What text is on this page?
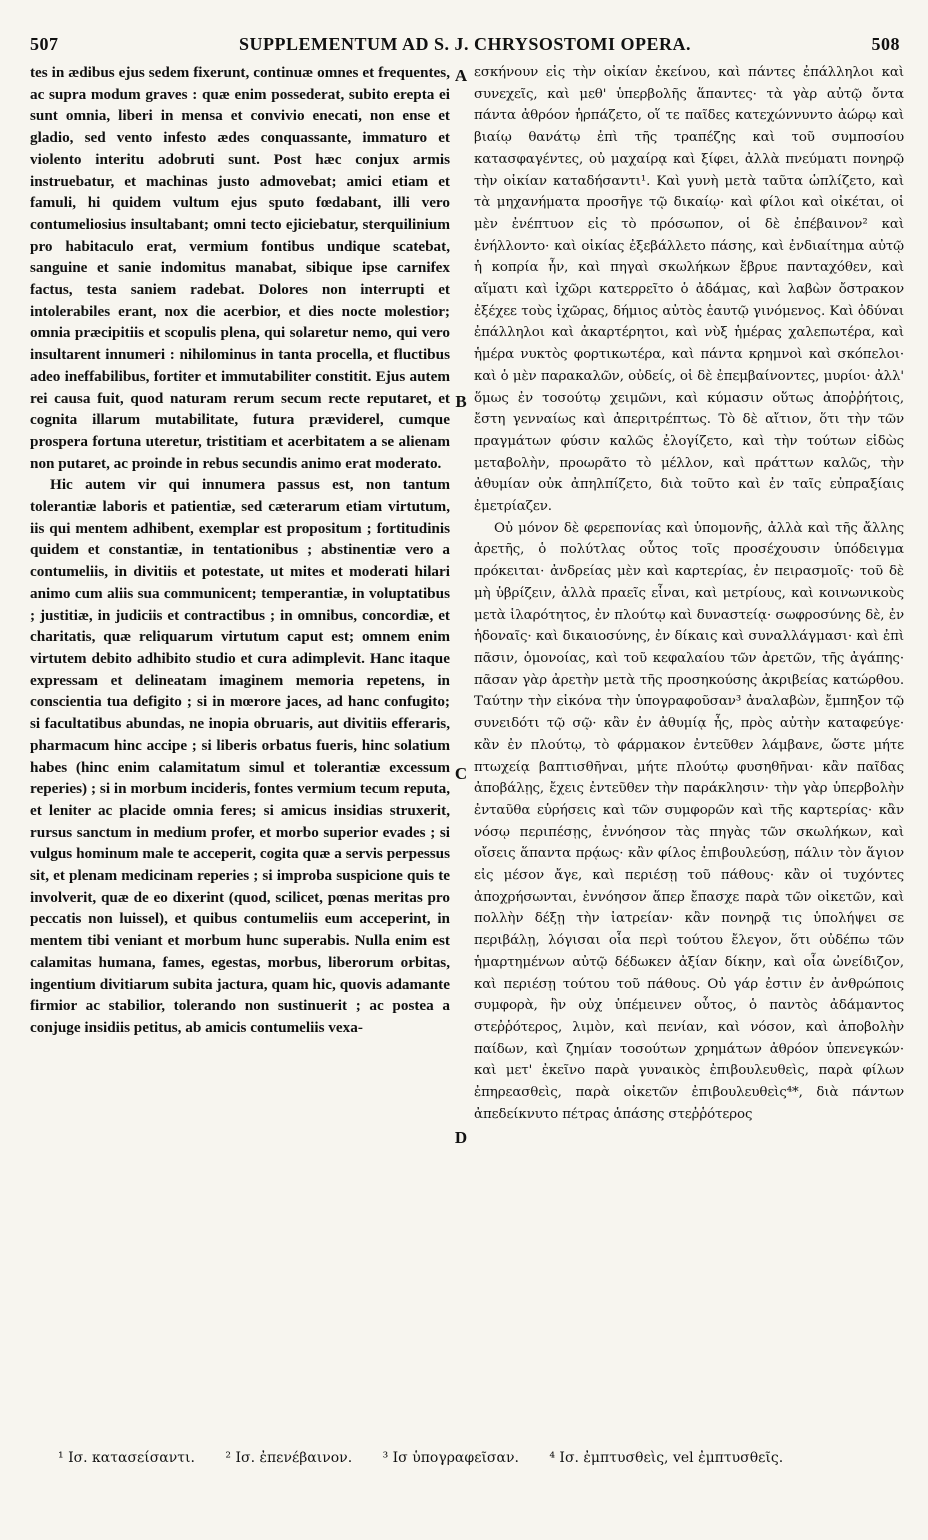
507	SUPPLEMENTUM AD S. J. CHRYSOSTOMI OPERA.	508

tes in ædibus ejus sedem fixerunt, continuæ omnes et frequentes, ac supra modum graves : quæ enim possederat, subito erepta ei sunt omnia, liberi in mensa et convivio enecati, non ense et gladio, sed vento infesto ædes conquassante, immaturo et violento interitu adobruti sunt. Post hæc conjux armis instruebatur, et machinas justo admovebat; amici etiam et famuli, hi quidem vultum ejus sputo fœdabant, illi vero contumeliosius insultabant; omni tecto ejiciebatur, sterquilinium pro habitaculo erat, vermium fontibus undique scatebat, sanguine et sanie indomitus manabat, sibique ipse carnifex factus, testa saniem radebat. Dolores non interrupti et intolerabiles erant, nox die acerbior, et dies nocte molestior; omnia præcipitiis et scopulis plena, qui solaretur nemo, qui vero insultarent innumeri : nihilominus in tanta procella, et fluctibus adeo ineffabilibus, fortiter et immutabiliter constitit. Ejus autem rei causa fuit, quod naturam rerum secum recte reputaret, et cognita illarum mutabilitate, futura præviderel, cumque prospera fortuna uteretur, tristitiam et acerbitatem a se alienam non putaret, ac proinde in rebus secundis animo erat moderato.

Hic autem vir qui innumera passus est, non tantum tolerantiæ laboris et patientiæ, sed cæterarum etiam virtutum, iis qui mentem adhibent, exemplar est propositum ; fortitudinis quidem et constantiæ, in tentationibus ; abstinentiæ vero a contumeliis, in divitiis et potestate, ut mites et moderati hilari animo cum aliis sua communicent; temperantiæ, in voluptatibus ; justitiæ, in judiciis et contractibus ; in omnibus, concordiæ, et charitatis, quæ reliquarum virtutum caput est; omnem enim virtutem debito adhibito studio et cura adimplevit. Hanc itaque expressam et delineatam imaginem memoria repetens, in conscientia tua defigito ; si in mœrore jaces, ad hanc confugito; si facultatibus abundas, ne inopia obruaris, aut divitiis efferaris, pharmacum hinc accipe ; si liberis orbatus fueris, hinc solatium habes (hinc enim calamitatum simul et tolerantiæ excessum reperies) ; si in morbum incideris, fontes vermium tecum reputa, et leniter ac placide omnia feres; si amicus insidias struxerit, rursus sanctum in medium profer, et morbo superior evades ; si vulgus hominum male te acceperit, cogita quæ a servis perpessus sit, et plenam medicinam reperies ; si improba suspicione quis te involverit, quæ de eo dixerint (quod, scilicet, pœnas meritas pro peccatis non luissel), et quibus contumeliis eum acceperint, in mentem tibi veniant et morbum hunc superabis. Nulla enim est calamitas humana, fames, egestas, morbus, liberorum orbitas, ingentium divitiarum subita jactura, quam hic, quovis adamante firmior ac stabilior, tolerando non sustinuerit ; ac postea a conjuge insidiis petitus, ab amicis contumeliis vexa-

A
B
C
D

εσκήνουν εἰς τὴν οἰκίαν ἐκείνου, καὶ πάντες ἐπάλληλοι καὶ συνεχεῖς, καὶ μεθ' ὑπερβολῆς ἅπαντες· τὰ γὰρ αὐτῷ ὄντα πάντα ἀθρόον ἡρπάζετο, οἵ τε παῖδες κατεχώννυντο ἀώρῳ καὶ βιαίῳ θανάτῳ ἐπὶ τῆς τραπέζης καὶ τοῦ συμποσίου κατασφαγέντες, οὐ μαχαίρᾳ καὶ ξίφει, ἀλλὰ πνεύματι πονηρῷ τὴν οἰκίαν καταδήσαντι¹. Καὶ γυνὴ μετὰ ταῦτα ὡπλίζετο, καὶ τὰ μηχανήματα προσῆγε τῷ δικαίῳ· καὶ φίλοι καὶ οἰκέται, οἱ μὲν ἐνέπτυον εἰς τὸ πρόσωπον, οἱ δὲ ἐπέβαινον² καὶ ἐνήλλοντο· καὶ οἰκίας ἐξεβάλλετο πάσης, καὶ ἐνδιαίτημα αὐτῷ ἡ κοπρία ἦν, καὶ πηγαὶ σκωλήκων ἔβρυε πανταχόθεν, καὶ αἵματι καὶ ἰχῶρι κατερρεῖτο ὁ ἀδάμας, καὶ λαβὼν ὄστρακον ἐξέχεε τοὺς ἰχῶρας, δήμιος αὐτὸς ἑαυτῷ γινόμενος. Καὶ ὀδύναι ἐπάλληλοι καὶ ἀκαρτέρητοι, καὶ νὺξ ἡμέρας χαλεπωτέρα, καὶ ἡμέρα νυκτὸς φορτικωτέρα, καὶ πάντα κρημνοὶ καὶ σκόπελοι· καὶ ὁ μὲν παρακαλῶν, οὐδείς, οἱ δὲ ἐπεμβαίνοντες, μυρίοι· ἀλλ' ὅμως ἐν τοσούτῳ χειμῶνι, καὶ κύμασιν οὕτως ἀποῤῥήτοις, ἔστη γενναίως καὶ ἀπεριτρέπτως. Τὸ δὲ αἴτιον, ὅτι τὴν τῶν πραγμάτων φύσιν καλῶς ἐλογίζετο, καὶ τὴν τούτων εἰδὼς μεταβολὴν, προωρᾶτο τὸ μέλλον, καὶ πράττων καλῶς, τὴν ἀθυμίαν οὐκ ἀπηλπίζετο, διὰ τοῦτο καὶ ἐν ταῖς εὐπραξίαις ἐμετρίαζεν.

Οὐ μόνον δὲ φερεπονίας καὶ ὑπομονῆς, ἀλλὰ καὶ τῆς ἄλλης ἀρετῆς, ὁ πολύτλας οὗτος τοῖς προσέχουσιν ὑπόδειγμα πρόκειται· ἀνδρείας μὲν καὶ καρτερίας, ἐν πειρασμοῖς· τοῦ δὲ μὴ ὑβρίζειν, ἀλλὰ πραεῖς εἶναι, καὶ μετρίους, καὶ κοινωνικοὺς μετὰ ἱλαρότητος, ἐν πλούτῳ καὶ δυναστείᾳ· σωφροσύνης δὲ, ἐν ἡδοναῖς· καὶ δικαιοσύνης, ἐν δίκαις καὶ συναλλάγμασι· καὶ ἐπὶ πᾶσιν, ὁμονοίας, καὶ τοῦ κεφαλαίου τῶν ἀρετῶν, τῆς ἀγάπης· πᾶσαν γὰρ ἀρετὴν μετὰ τῆς προσηκούσης ἀκριβείας κατώρθου. Ταύτην τὴν εἰκόνα τὴν ὑπογραφοῦσαν³ ἀναλαβὼν, ἔμπηξον τῷ συνειδότι τῷ σῷ· κἂν ἐν ἀθυμίᾳ ἦς, πρὸς αὐτὴν καταφεύγε· κἂν ἐν πλούτῳ, τὸ φάρμακον ἐντεῦθεν λάμβανε, ὥστε μήτε πτωχείᾳ βαπτισθῆναι, μήτε πλούτῳ φυσηθῆναι· κἂν παῖδας ἀποβάλῃς, ἔχεις ἐντεῦθεν τὴν παράκλησιν· τὴν γὰρ ὑπερβολὴν ἐνταῦθα εὑρήσεις καὶ τῶν συμφορῶν καὶ τῆς καρτερίας· κἂν νόσῳ περιπέσῃς, ἐννόησον τὰς πηγὰς τῶν σκωλήκων, καὶ οἴσεις ἅπαντα πρᾴως· κἂν φίλος ἐπιβουλεύσῃ, πάλιν τὸν ἅγιον εἰς μέσον ἄγε, καὶ περιέσῃ τοῦ πάθους· κἂν οἱ τυχόντες ἀποχρήσωνται, ἐννόησον ἅπερ ἔπασχε παρὰ τῶν οἰκετῶν, καὶ πολλὴν δέξῃ τὴν ἰατρείαν· κἂν πονηρᾷ τις ὑπολήψει σε περιβάλῃ, λόγισαι οἷα περὶ τούτου ἔλεγον, ὅτι οὐδέπω τῶν ἡμαρτημένων αὐτῷ δέδωκεν ἀξίαν δίκην, καὶ οἷα ὠνείδιζον, καὶ περιέσῃ τούτου τοῦ πάθους. Οὐ γάρ ἐστιν ἐν ἀνθρώποις συμφορὰ, ἣν οὐχ ὑπέμεινεν οὗτος, ὁ παντὸς ἀδάμαντος στεῤῥότερος, λιμὸν, καὶ πενίαν, καὶ νόσον, καὶ ἀποβολὴν παίδων, καὶ ζημίαν τοσούτων χρημάτων ἀθρόον ὑπενεγκών· καὶ μετ' ἐκεῖνο παρὰ γυναικὸς ἐπιβουλευθεὶς, παρὰ φίλων ἐπηρεασθεὶς, παρὰ οἰκετῶν ἐπιβουλευθεὶς⁴*, διὰ πάντων ἀπεδείκνυτο πέτρας ἁπάσης στεῤῥότερος

¹ Ισ. κατασείσαντι. ² Ισ. ἐπενέβαινον. ³ Ισ ὑπογραφεῖσαν. ⁴ Ισ. ἐμπτυσθεὶς, vel ἐμπτυσθεῖς.
